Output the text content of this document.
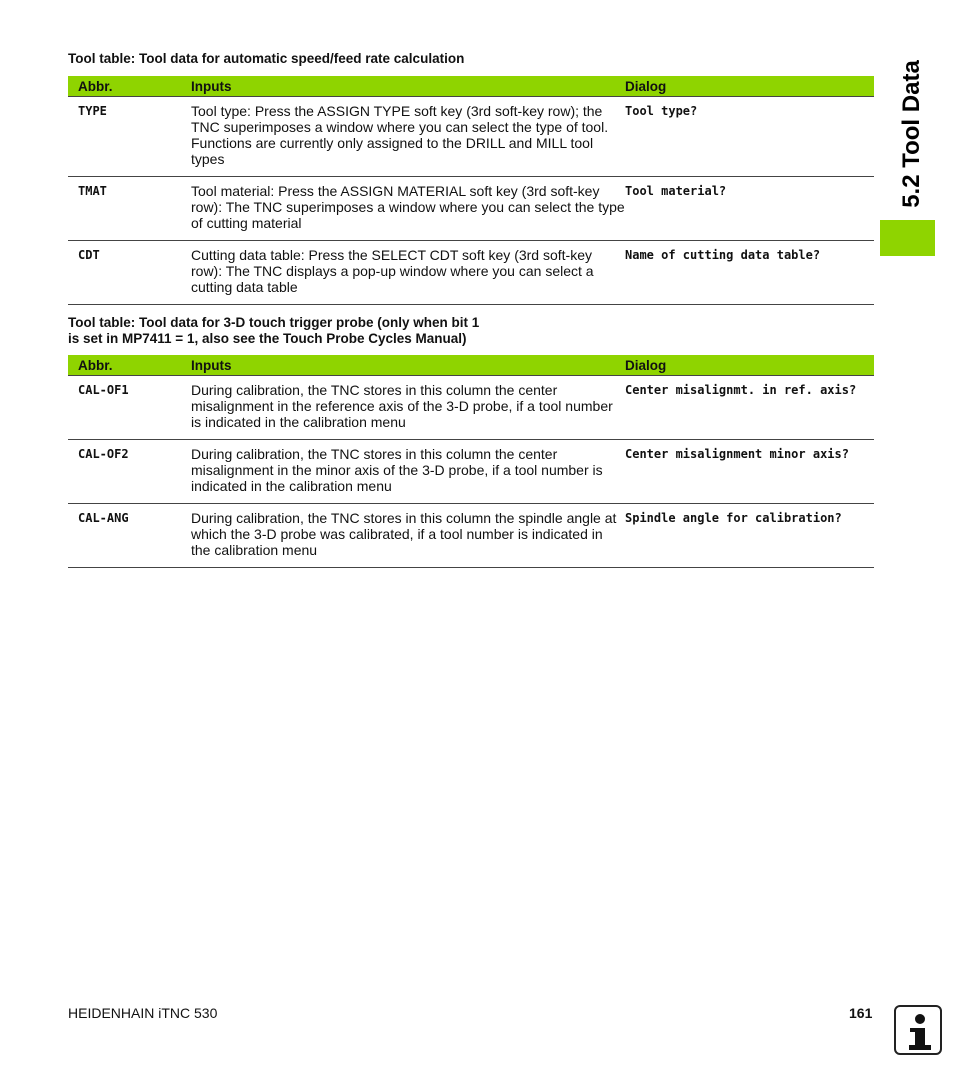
Tool table: Tool data for automatic speed/feed rate calculation

Abbr.	Inputs	Dialog
TYPE	Tool type: Press the ASSIGN TYPE soft key (3rd soft-key row); the TNC superimposes a window where you can select the type of tool. Functions are currently only assigned to the DRILL and MILL tool types	Tool type?
TMAT	Tool material: Press the ASSIGN MATERIAL soft key (3rd soft-key row): The TNC superimposes a window where you can select the type of cutting material	Tool material?
CDT	Cutting data table: Press the SELECT CDT soft key (3rd soft-key row): The TNC displays a pop-up window where you can select a cutting data table	Name of cutting data table?

Tool table: Tool data for 3-D touch trigger probe (only when bit 1

is set in MP7411 = 1, also see the Touch Probe Cycles Manual)

Abbr.	Inputs	Dialog
CAL-OF1	During calibration, the TNC stores in this column the center misalignment in the reference axis of the 3-D probe, if a tool number is indicated in the calibration menu	Center misalignmt. in ref. axis?
CAL-OF2	During calibration, the TNC stores in this column the center misalignment in the minor axis of the 3-D probe, if a tool number is indicated in the calibration menu	Center misalignment minor axis?
CAL-ANG	During calibration, the TNC stores in this column the spindle angle at which the 3-D probe was calibrated, if a tool number is indicated in the calibration menu	Spindle angle for calibration?
5.2 Tool Data
HEIDENHAIN iTNC 530	161
